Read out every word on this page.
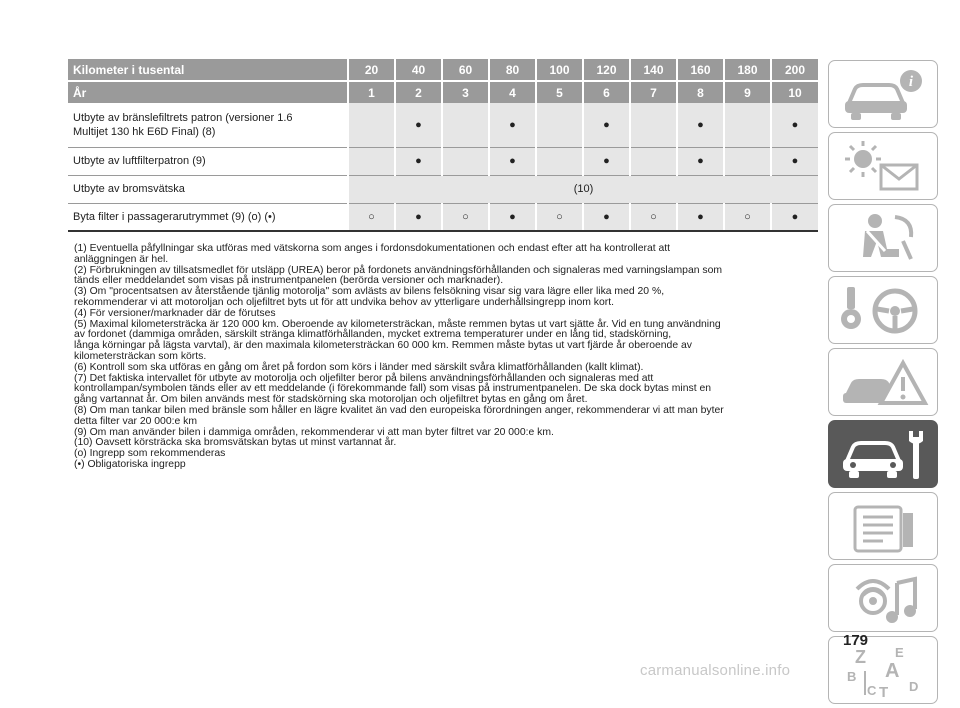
Kilometer i tusental	20	40	60	80	100	120	140	160	180	200
År	1	2	3	4	5	6	7	8	9	10
Utbyte av bränslefiltrets patron (versioner 1.6
Multijet 130 hk E6D Final) (8)		●		●		●		●		●
Utbyte av luftfilterpatron (9)		●		●		●		●		●
Utbyte av bromsvätska	(10)									
Byta filter i passagerarutrymmet (9) (o) (•)	○	●	○	●	○	●	○	●	○	●
(1) Eventuella påfyllningar ska utföras med vätskorna som anges i fordonsdokumentationen och endast efter att ha kontrollerat att
anläggningen är hel.
(2) Förbrukningen av tillsatsmedlet för utsläpp (UREA) beror på fordonets användningsförhållanden och signaleras med varningslampan som
tänds eller meddelandet som visas på instrumentpanelen (berörda versioner och marknader).
(3) Om "procentsatsen av återstående tjänlig motorolja" som avlästs av bilens felsökning visar sig vara lägre eller lika med 20 %,
rekommenderar vi att motoroljan och oljefiltret byts ut för att undvika behov av ytterligare underhållsingrepp inom kort.
(4) För versioner/marknader där de förutses
(5) Maximal kilometersträcka är 120 000 km. Oberoende av kilometersträckan, måste remmen bytas ut vart sjätte år. Vid en tung användning
av fordonet (dammiga områden, särskilt stränga klimatförhållanden, mycket extrema temperaturer under en lång tid, stadskörning,
långa körningar på lägsta varvtal), är den maximala kilometersträckan 60 000 km. Remmen måste bytas ut vart fjärde år oberoende av
kilometersträckan som körts.
(6) Kontroll som ska utföras en gång om året på fordon som körs i länder med särskilt svåra klimatförhållanden (kallt klimat).
(7) Det faktiska intervallet för utbyte av motorolja och oljefilter beror på bilens användningsförhållanden och signaleras med att
kontrollampan/symbolen tänds eller av ett meddelande (i förekommande fall) som visas på instrumentpanelen. De ska dock bytas minst en
gång vartannat år. Om bilen används mest för stadskörning ska motoroljan och oljefiltret bytas en gång om året.
(8) Om man tankar bilen med bränsle som håller en lägre kvalitet än vad den europeiska förordningen anger, rekommenderar vi att man byter
detta filter var 20 000:e km
(9) Om man använder bilen i dammiga områden, rekommenderar vi att man byter filtret var 20 000:e km.
(10) Oavsett körsträcka ska bromsvätskan bytas ut minst vartannat år.
(o) Ingrepp som rekommenderas
(•) Obligatoriska ingrepp
i
Z E
A
B
C T D
179
carmanualsonline.info
